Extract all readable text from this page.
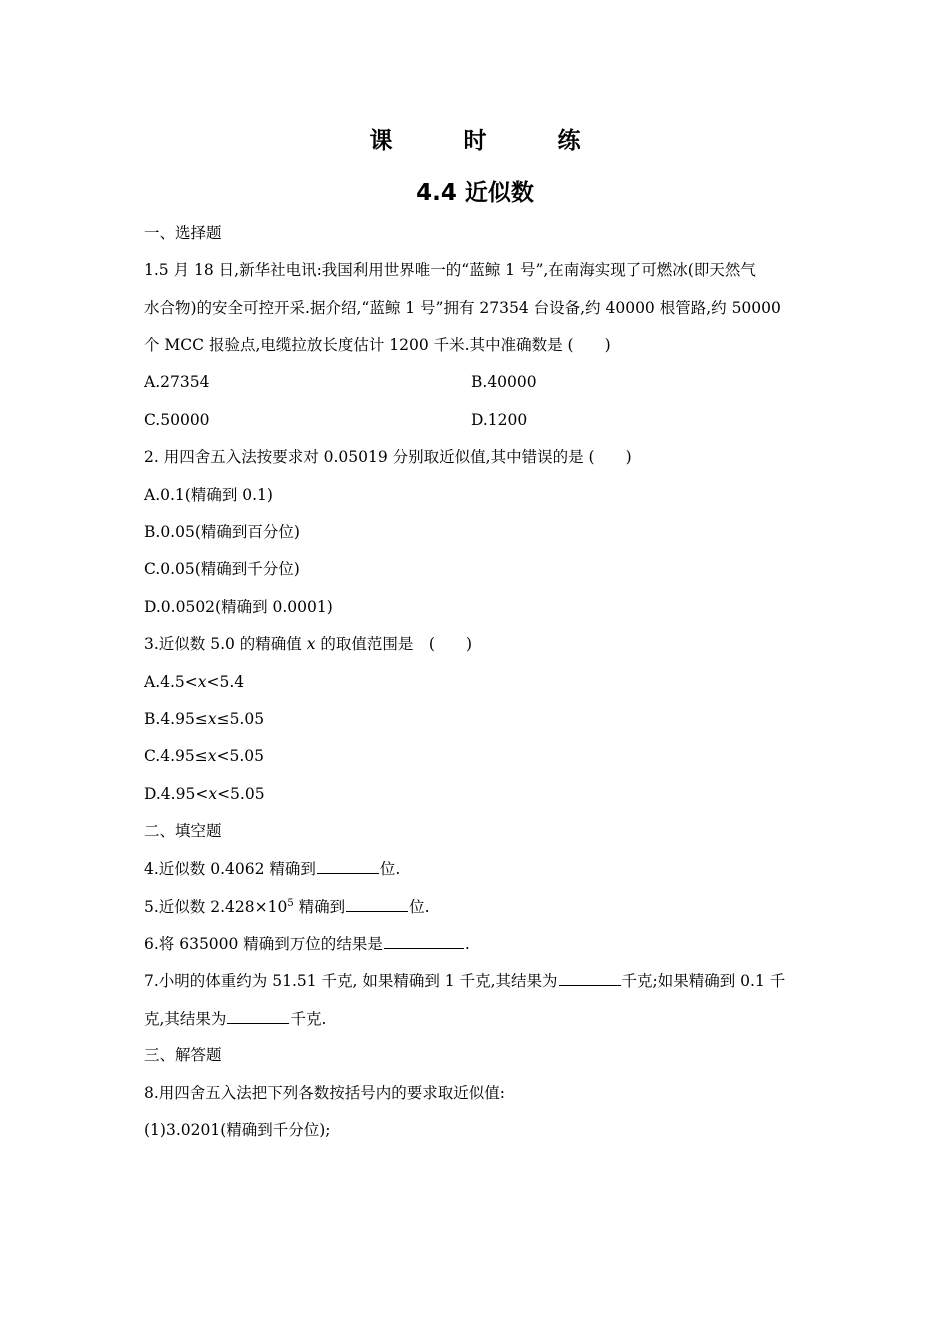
课　时　练
4.4 近似数
一、选择题
1.5 月 18 日,新华社电讯:我国利用世界唯一的“蓝鲸 1 号”,在南海实现了可燃冰(即天然气
水合物)的安全可控开采.据介绍,“蓝鲸 1 号”拥有 27354 台设备,约 40000 根管路,约 50000
个 MCC 报验点,电缆拉放长度估计 1200 千米.其中准确数是 (　　)
A.27354	B.40000
C.50000	D.1200
2. 用四舍五入法按要求对 0.05019 分别取近似值,其中错误的是 (　　)
A.0.1(精确到 0.1)
B.0.05(精确到百分位)
C.0.05(精确到千分位)
D.0.0502(精确到 0.0001)
3.近似数 5.0 的精确值 x 的取值范围是　(　　)
A.4.5<x<5.4
B.4.95≤x≤5.05
C.4.95≤x<5.05
D.4.95<x<5.05
二、填空题
4.近似数 0.4062 精确到	位.
5.近似数 $2.428\times 10^5$ 精确到	位.
6.将 635000 精确到万位的结果是	.
7.小明的体重约为 51.51 千克, 如果精确到 1 千克,其结果为	千克;如果精确到 0.1 千
克,其结果为	千克.
三、解答题
8.用四舍五入法把下列各数按括号内的要求取近似值:
(1)3.0201(精确到千分位);
